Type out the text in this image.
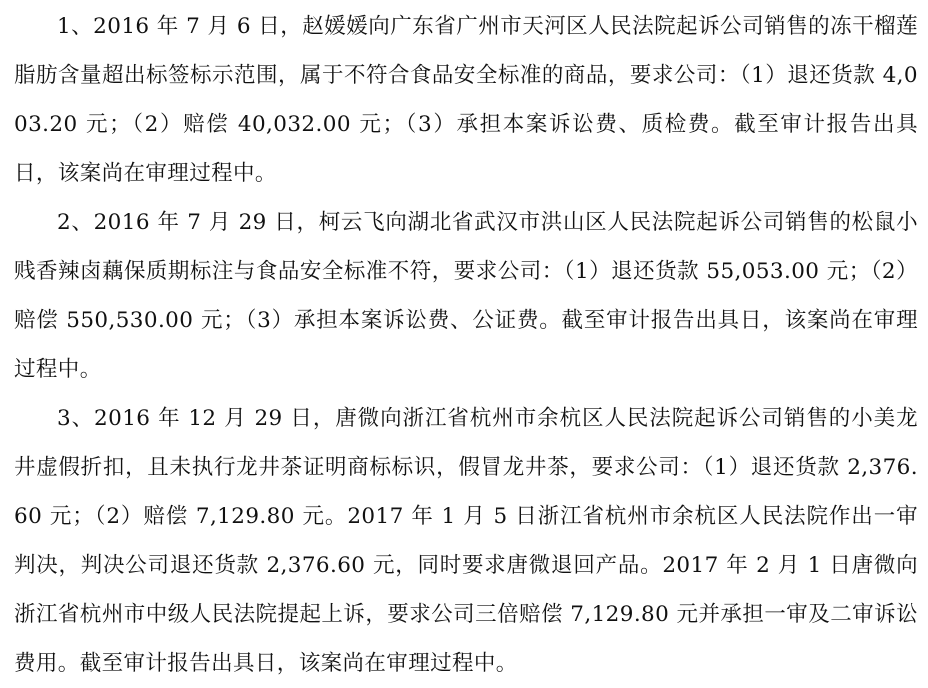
1、2016 年 7 月 6 日，赵媛媛向广东省广州市天河区人民法院起诉公司销售的冻干榴莲脂肪含量超出标签标示范围，属于不符合食品安全标准的商品，要求公司：（1）退还货款 4,003.20 元；（2）赔偿 40,032.00 元；（3）承担本案诉讼费、质检费。截至审计报告出具日，该案尚在审理过程中。

2、2016 年 7 月 29 日，柯云飞向湖北省武汉市洪山区人民法院起诉公司销售的松鼠小贱香辣卤藕保质期标注与食品安全标准不符，要求公司：（1）退还货款 55,053.00 元；（2）赔偿 550,530.00 元；（3）承担本案诉讼费、公证费。截至审计报告出具日，该案尚在审理过程中。

3、2016 年 12 月 29 日，唐微向浙江省杭州市余杭区人民法院起诉公司销售的小美龙井虚假折扣，且未执行龙井茶证明商标标识，假冒龙井茶，要求公司：（1）退还货款 2,376.60 元；（2）赔偿 7,129.80 元。2017 年 1 月 5 日浙江省杭州市余杭区人民法院作出一审判决，判决公司退还货款 2,376.60 元，同时要求唐微退回产品。2017 年 2 月 1 日唐微向浙江省杭州市中级人民法院提起上诉，要求公司三倍赔偿 7,129.80 元并承担一审及二审诉讼费用。截至审计报告出具日，该案尚在审理过程中。
